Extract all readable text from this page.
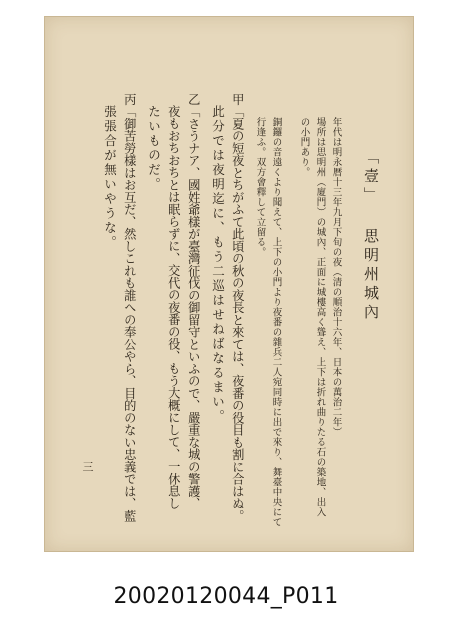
「壹」 思明州城內
年代は明永暦十三年九月下旬の夜（清の順治十六年、日本の萬治二年）
場所は思明州（廈門）の城內、正面に城樓高く聳え、上下は折れ曲りたる石の築地、出入
の小門あり。
銅鑼の音遠くより聞えて、上下の小門より夜番の雜兵二人宛同時に出で來り、舞臺中央にて
行逢ふ。双方會釋して立留る。
甲「夏の短夜とちがふて此頃の秋の夜長と來ては、夜番の役目も割に合はぬ。
此分では夜明迄に、もう二巡はせねばなるまい。
乙「さうナア、國姓爺樣が臺灣征伐の御留守といふので、嚴重な城の警護、
夜もおちおちとは眠らずに、交代の夜番の役、もう大概にして、一休息し
たいものだ。
丙「御苦勞樣はお互だ、然しこれも誰への奉公やら、目的のない忠義では、藍
張張合が無いやうな。
三
20020120044_P011
